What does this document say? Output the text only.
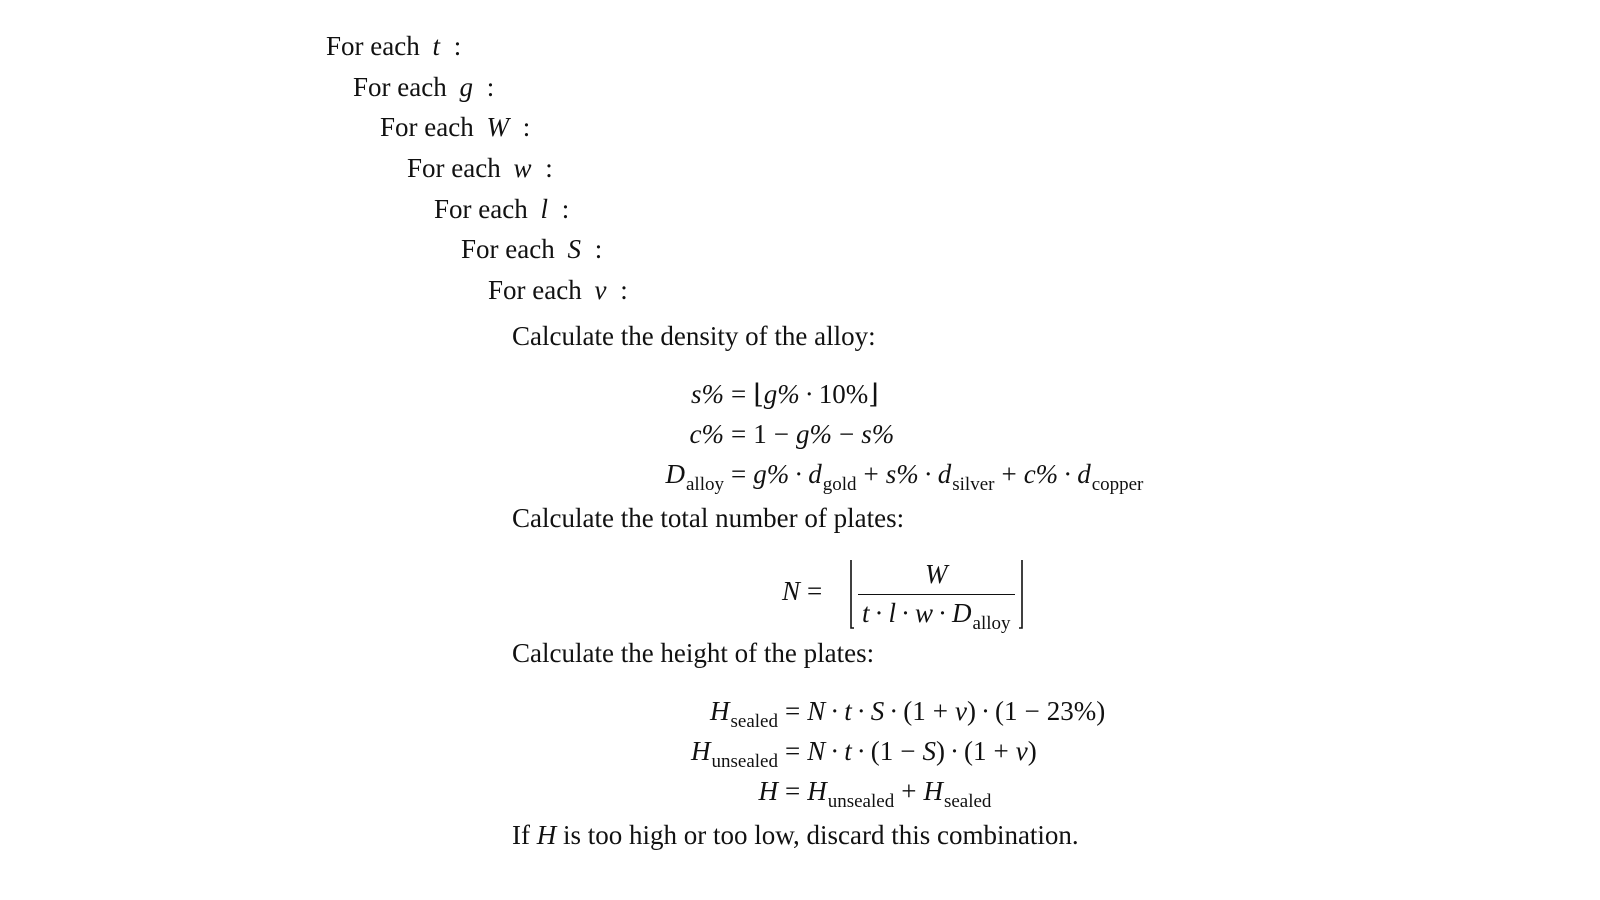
For each t :
For each g :
For each W :
For each w :
For each l :
For each S :
For each v :
Calculate the density of the alloy:
s% = ⌊g% · 10%⌋
c% = 1 − g% − s%
$D_{alloy} = g\% \cdot d_{gold} + s\% \cdot d_{silver} + c\% \cdot d_{copper}$
Calculate the total number of plates:
$N = \frac{W}{t \cdot l \cdot w \cdot D_{alloy}}$
Calculate the height of the plates:
$H_{sealed} = N \cdot t \cdot S \cdot (1 + v) \cdot (1 - 23\%)$
$H_{unsealed} = N \cdot t \cdot (1 - S) \cdot (1 + v)$
$H = H_{unsealed} + H_{sealed}$
If H is too high or too low, discard this combination.
